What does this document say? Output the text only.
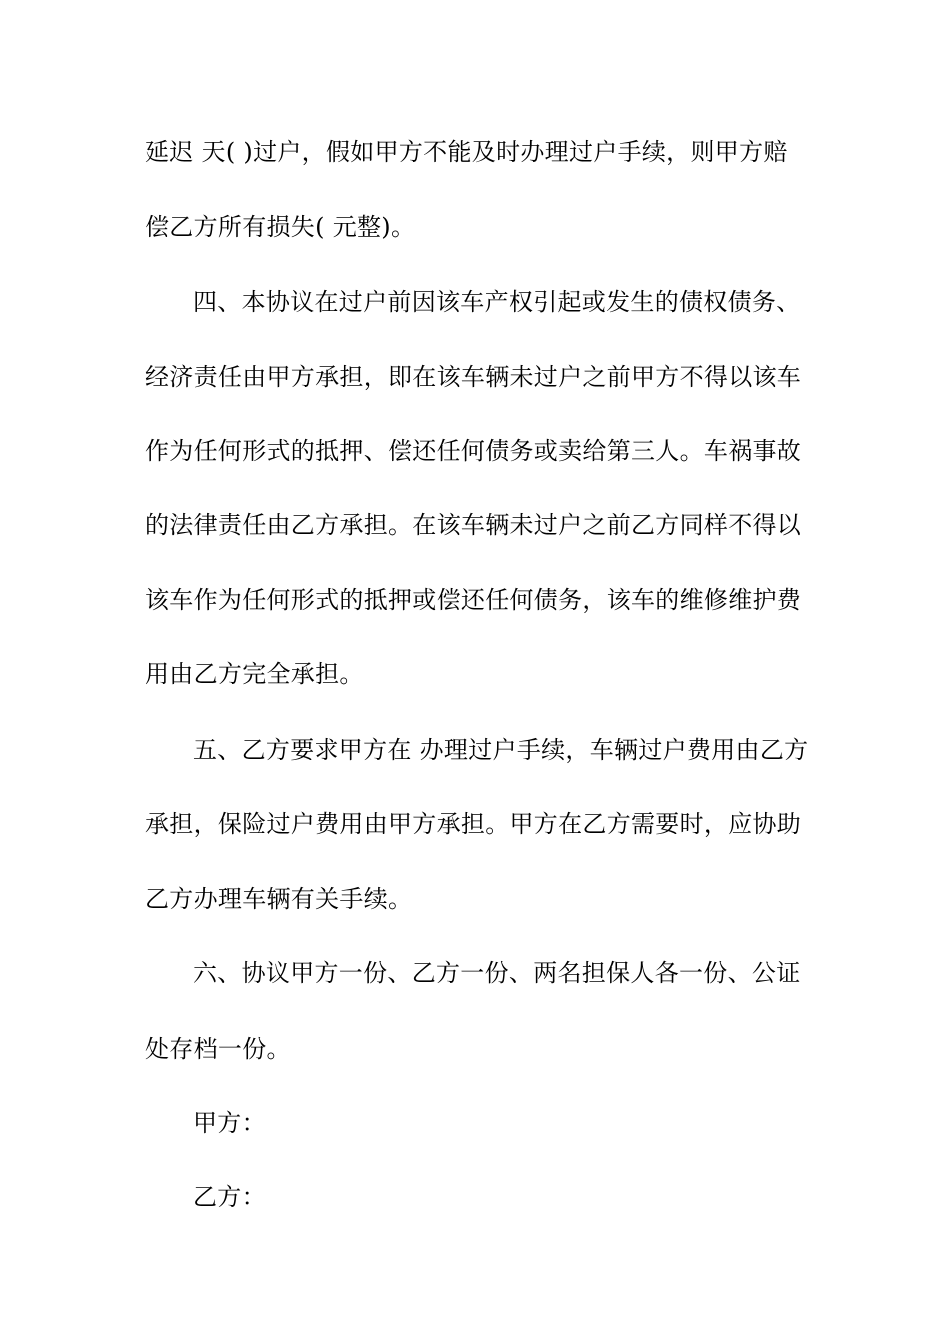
延迟 天( )过户，假如甲方不能及时办理过户手续，则甲方赔
偿乙方所有损失( 元整)。
四、本协议在过户前因该车产权引起或发生的债权债务、
经济责任由甲方承担，即在该车辆未过户之前甲方不得以该车
作为任何形式的抵押、偿还任何债务或卖给第三人。车祸事故
的法律责任由乙方承担。在该车辆未过户之前乙方同样不得以
该车作为任何形式的抵押或偿还任何债务，该车的维修维护费
用由乙方完全承担。
五、乙方要求甲方在 办理过户手续，车辆过户费用由乙方
承担，保险过户费用由甲方承担。甲方在乙方需要时，应协助
乙方办理车辆有关手续。
六、协议甲方一份、乙方一份、两名担保人各一份、公证
处存档一份。
甲方：
乙方：
